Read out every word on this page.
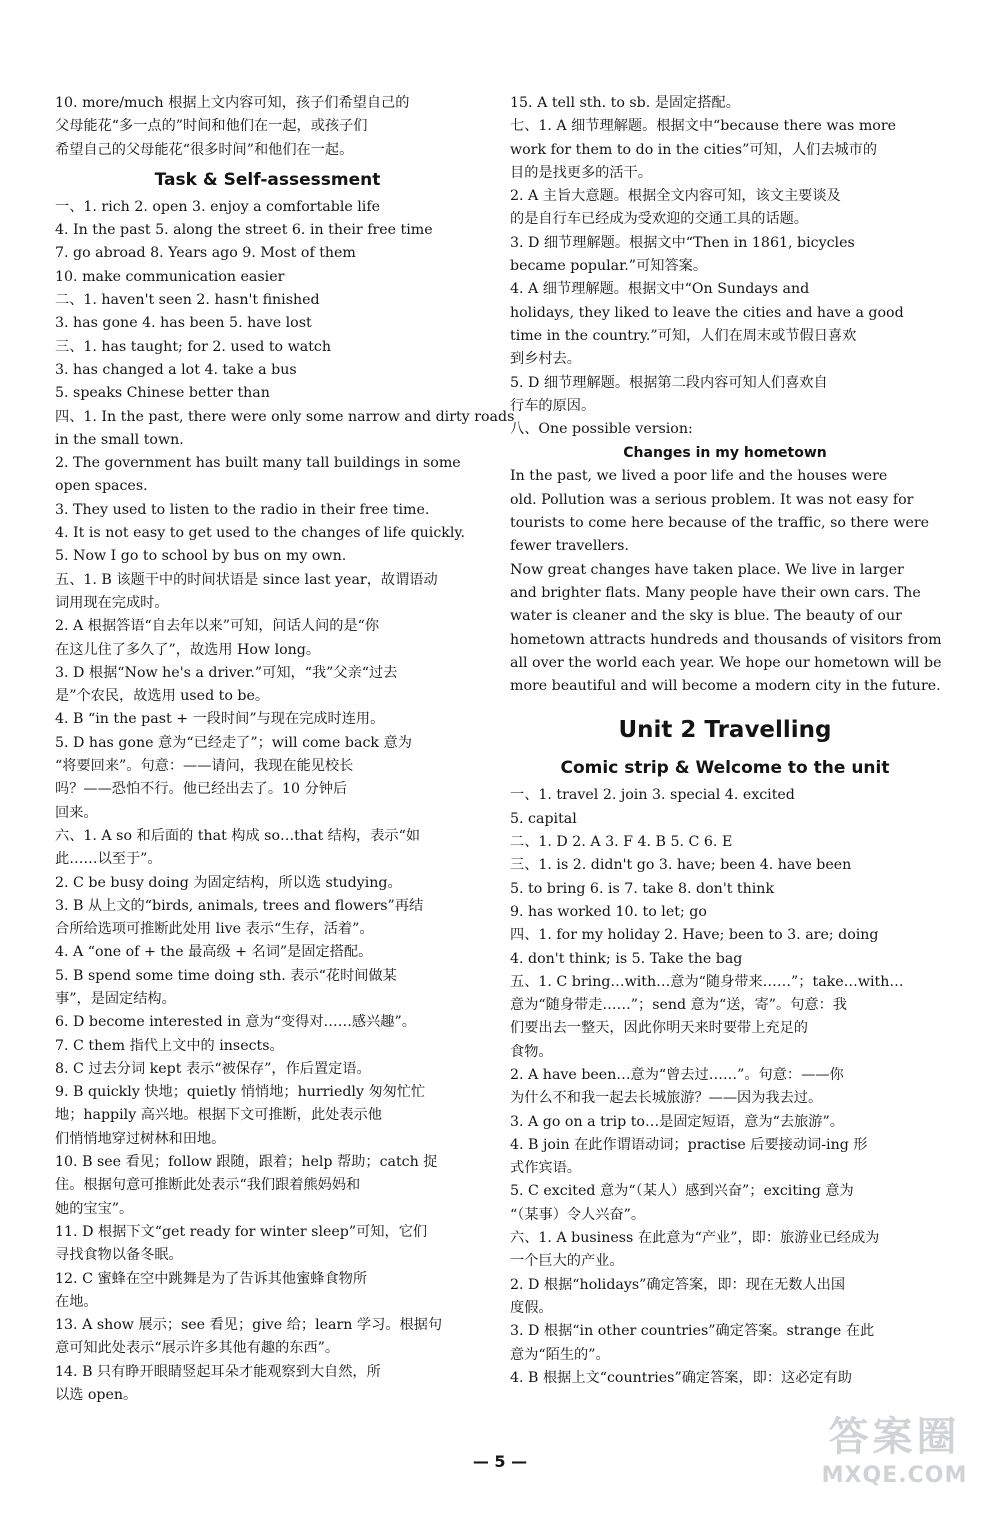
10. more/much 根据上文内容可知，孩子们希望自己的
父母能花“多一点的”时间和他们在一起，或孩子们
希望自己的父母能花“很多时间”和他们在一起。
Task & Self-assessment
一、1. rich 2. open 3. enjoy a comfortable life
4. In the past 5. along the street 6. in their free time
7. go abroad 8. Years ago 9. Most of them
10. make communication easier
二、1. haven't seen 2. hasn't finished
3. has gone 4. has been 5. have lost
三、1. has taught; for 2. used to watch
3. has changed a lot 4. take a bus
5. speaks Chinese better than
四、1. In the past, there were only some narrow and dirty roads
in the small town.
2. The government has built many tall buildings in some
open spaces.
3. They used to listen to the radio in their free time.
4. It is not easy to get used to the changes of life quickly.
5. Now I go to school by bus on my own.
五、1. B 该题干中的时间状语是 since last year，故谓语动
词用现在完成时。
2. A 根据答语“自去年以来”可知，问话人问的是“你
在这儿住了多久了”，故选用 How long。
3. D 根据“Now he's a driver.”可知，“我”父亲“过去
是”个农民，故选用 used to be。
4. B “in the past + 一段时间”与现在完成时连用。
5. D has gone 意为“已经走了”；will come back 意为
“将要回来”。句意：——请问，我现在能见校长
吗？——恐怕不行。他已经出去了。10 分钟后
回来。
六、1. A so 和后面的 that 构成 so…that 结构，表示“如
此……以至于”。
2. C be busy doing 为固定结构，所以选 studying。
3. B 从上文的“birds, animals, trees and flowers”再结
合所给选项可推断此处用 live 表示“生存，活着”。
4. A “one of + the 最高级 + 名词”是固定搭配。
5. B spend some time doing sth. 表示“花时间做某
事”，是固定结构。
6. D become interested in 意为“变得对……感兴趣”。
7. C them 指代上文中的 insects。
8. C 过去分词 kept 表示“被保存”，作后置定语。
9. B quickly 快地；quietly 悄悄地；hurriedly 匆匆忙忙
地；happily 高兴地。根据下文可推断，此处表示他
们悄悄地穿过树林和田地。
10. B see 看见；follow 跟随，跟着；help 帮助；catch 捉
住。根据句意可推断此处表示“我们跟着熊妈妈和
她的宝宝”。
11. D 根据下文“get ready for winter sleep”可知，它们
寻找食物以备冬眠。
12. C 蜜蜂在空中跳舞是为了告诉其他蜜蜂食物所
在地。
13. A show 展示；see 看见；give 给；learn 学习。根据句
意可知此处表示“展示许多其他有趣的东西”。
14. B 只有睁开眼睛竖起耳朵才能观察到大自然，所
以选 open。
15. A tell sth. to sb. 是固定搭配。
七、1. A 细节理解题。根据文中“because there was more
work for them to do in the cities”可知，人们去城市的
目的是找更多的活干。
2. A 主旨大意题。根据全文内容可知，该文主要谈及
的是自行车已经成为受欢迎的交通工具的话题。
3. D 细节理解题。根据文中“Then in 1861, bicycles
became popular.”可知答案。
4. A 细节理解题。根据文中“On Sundays and
holidays, they liked to leave the cities and have a good
time in the country.”可知，人们在周末或节假日喜欢
到乡村去。
5. D 细节理解题。根据第二段内容可知人们喜欢自
行车的原因。
八、One possible version:
Changes in my hometown
In the past, we lived a poor life and the houses were
old. Pollution was a serious problem. It was not easy for
tourists to come here because of the traffic, so there were
fewer travellers.
Now great changes have taken place. We live in larger
and brighter flats. Many people have their own cars. The
water is cleaner and the sky is blue. The beauty of our
hometown attracts hundreds and thousands of visitors from
all over the world each year. We hope our hometown will be
more beautiful and will become a modern city in the future.
Unit 2 Travelling
Comic strip & Welcome to the unit
一、1. travel 2. join 3. special 4. excited
5. capital
二、1. D 2. A 3. F 4. B 5. C 6. E
三、1. is 2. didn't go 3. have; been 4. have been
5. to bring 6. is 7. take 8. don't think
9. has worked 10. to let; go
四、1. for my holiday 2. Have; been to 3. are; doing
4. don't think; is 5. Take the bag
五、1. C bring…with…意为“随身带来……”；take…with…
意为“随身带走……”；send 意为“送，寄”。句意：我
们要出去一整天，因此你明天来时要带上充足的
食物。
2. A have been…意为“曾去过……”。句意：——你
为什么不和我一起去长城旅游？——因为我去过。
3. A go on a trip to…是固定短语，意为“去旅游”。
4. B join 在此作谓语动词；practise 后要接动词-ing 形
式作宾语。
5. C excited 意为“（某人）感到兴奋”；exciting 意为
“（某事）令人兴奋”。
六、1. A business 在此意为“产业”，即：旅游业已经成为
一个巨大的产业。
2. D 根据“holidays”确定答案，即：现在无数人出国
度假。
3. D 根据“in other countries”确定答案。strange 在此
意为“陌生的”。
4. B 根据上文“countries”确定答案，即：这必定有助
— 5 —
答案圈
MXQE.COM
